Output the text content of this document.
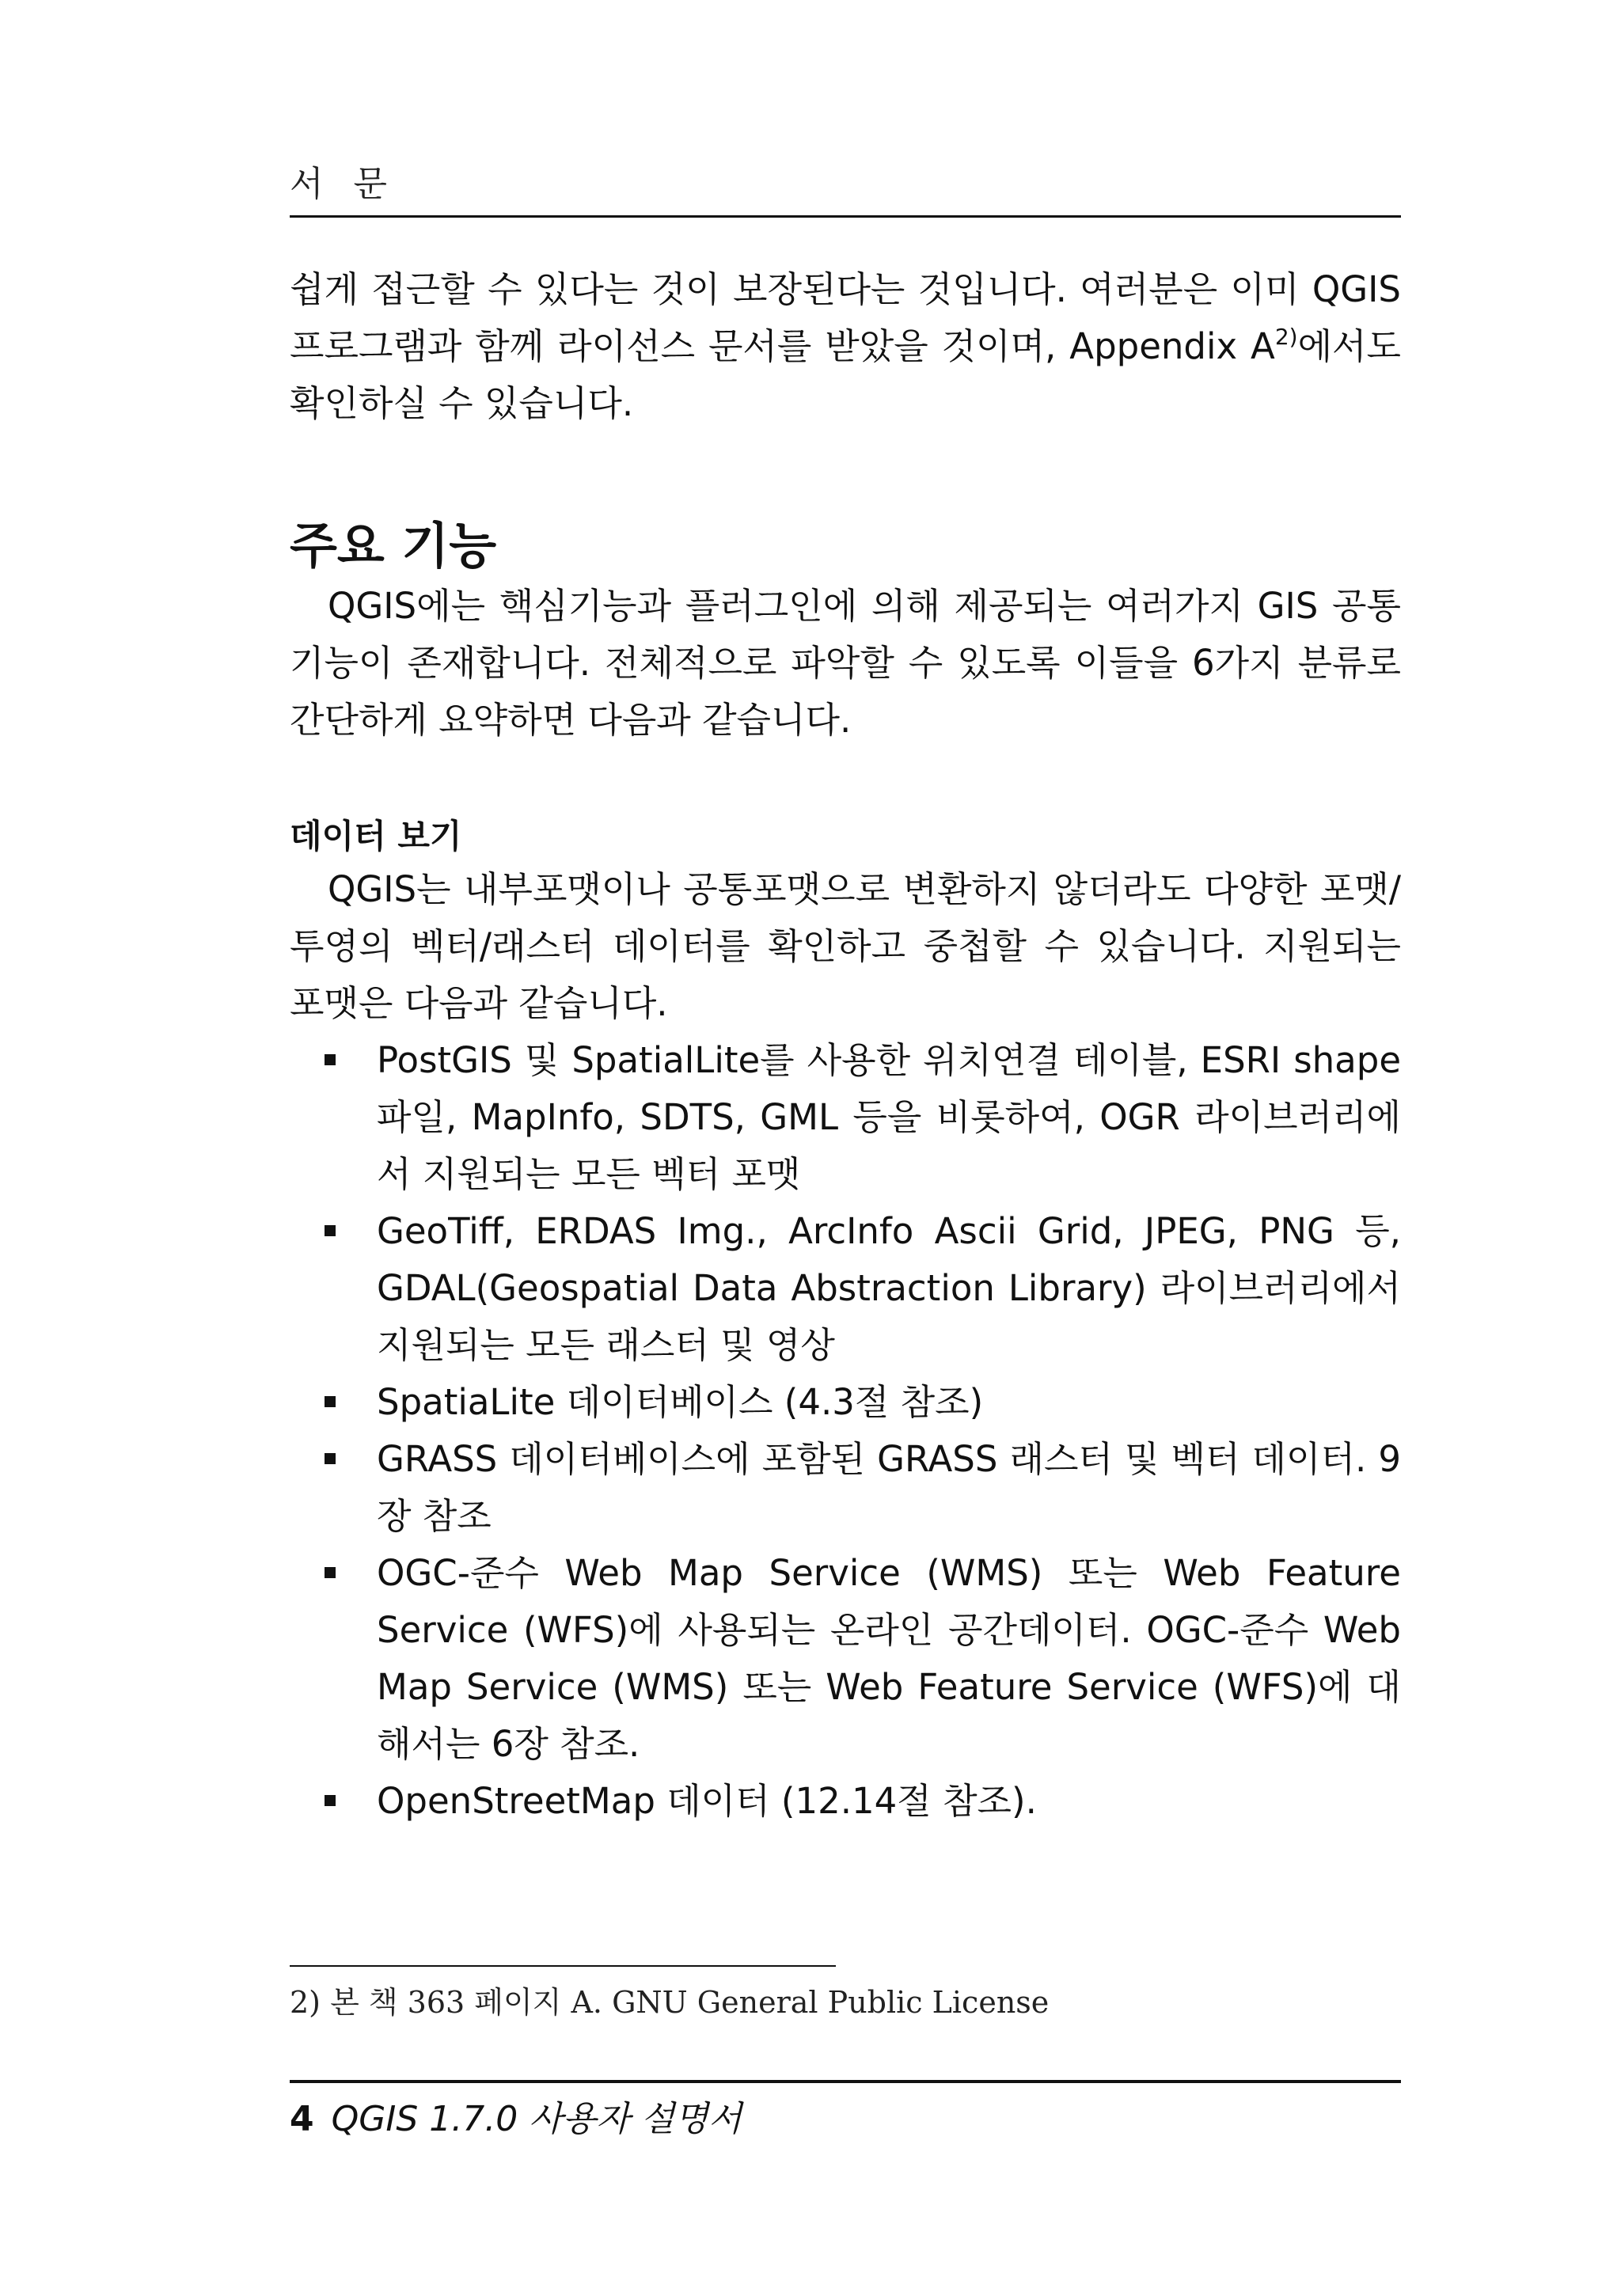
서 문

쉽게 접근할 수 있다는 것이 보장된다는 것입니다. 여러분은 이미 QGIS 프로그램과 함께 라이선스 문서를 받았을 것이며, Appendix $A^{2)}$에서도 확인하실 수 있습니다.

주요 기능

QGIS에는 핵심기능과 플러그인에 의해 제공되는 여러가지 GIS 공통기능이 존재합니다. 전체적으로 파악할 수 있도록 이들을 6가지 분류로 간단하게 요약하면 다음과 같습니다.

데이터 보기

QGIS는 내부포맷이나 공통포맷으로 변환하지 않더라도 다양한 포맷/투영의 벡터/래스터 데이터를 확인하고 중첩할 수 있습니다. 지원되는 포맷은 다음과 같습니다.

PostGIS 및 SpatialLite를 사용한 위치연결 테이블, ESRI shape 파일, MapInfo, SDTS, GML 등을 비롯하여, OGR 라이브러리에서 지원되는 모든 벡터 포맷
GeoTiff, ERDAS Img., ArcInfo Ascii Grid, JPEG, PNG 등, GDAL(Geospatial Data Abstraction Library) 라이브러리에서 지원되는 모든 래스터 및 영상
SpatiaLite 데이터베이스 (4.3절 참조)
GRASS 데이터베이스에 포함된 GRASS 래스터 및 벡터 데이터. 9장 참조
OGC-준수 Web Map Service (WMS) 또는 Web Feature Service (WFS)에 사용되는 온라인 공간데이터. OGC-준수 Web Map Service (WMS) 또는 Web Feature Service (WFS)에 대해서는 6장 참조.
OpenStreetMap 데이터 (12.14절 참조).
2) 본 책 363 페이지 A. GNU General Public License
4 QGIS 1.7.0 사용자 설명서
